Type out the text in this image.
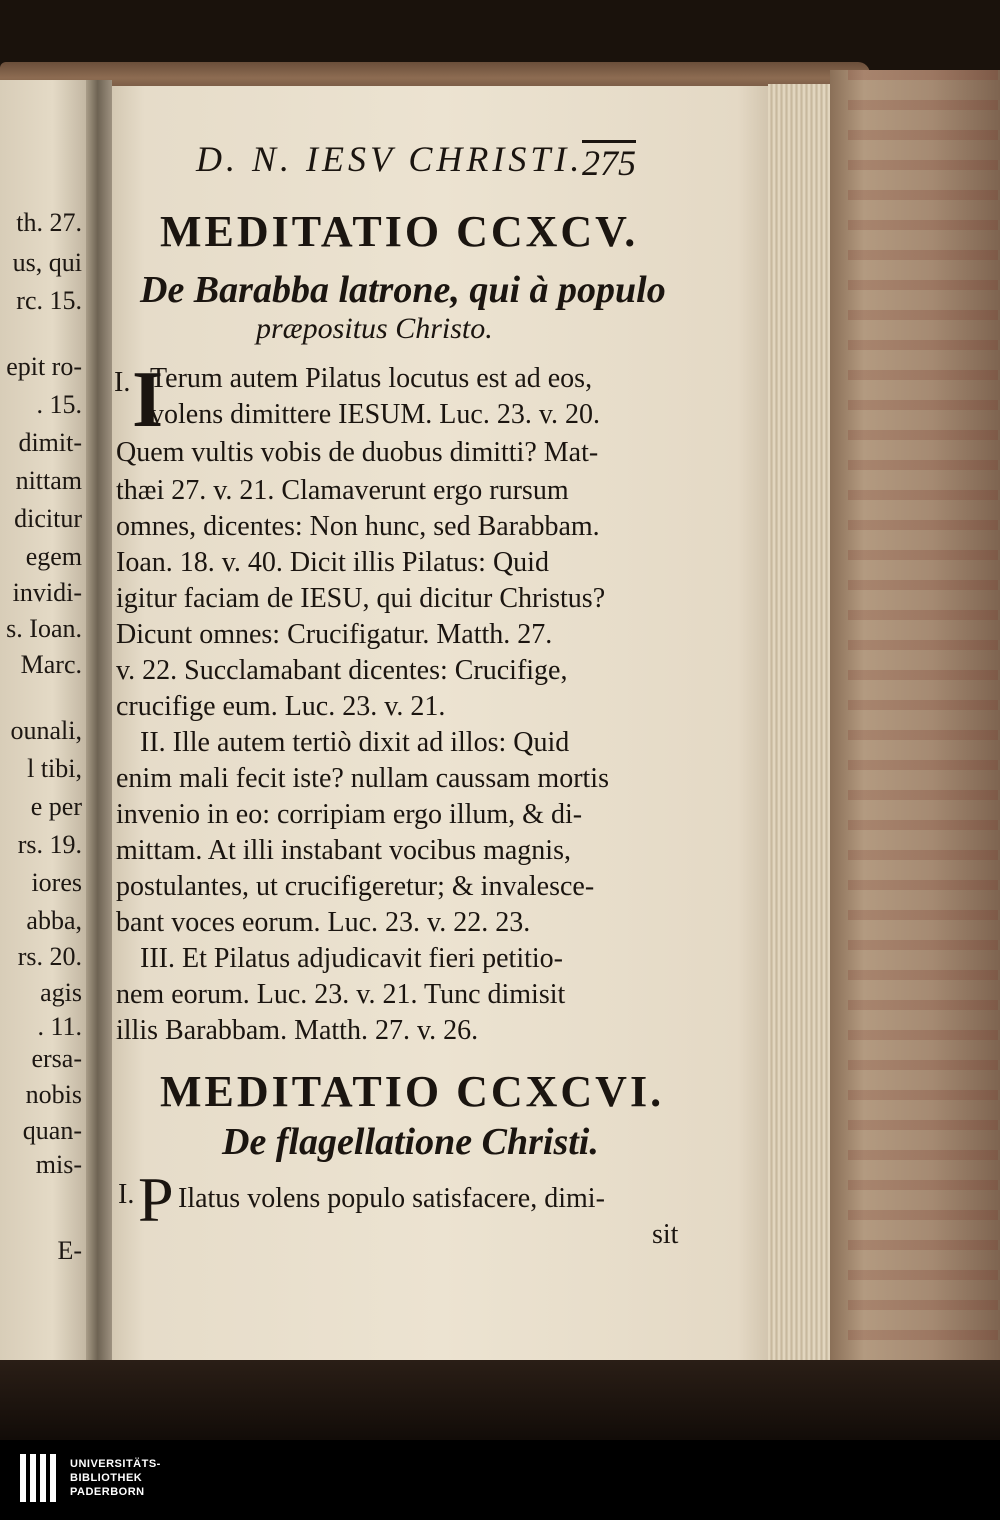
th. 27.
us, qui
rc. 15.
epit ro-
. 15.
dimit-
nittam
dicitur
egem
invidi-
s. Ioan.
Marc.
ounali,
l tibi,
e per
rs. 19.
iores
abba,
rs. 20.
agis
. 11.
ersa-
nobis
quan-
mis-
E-
D. N. IESV CHRISTI.
275
MEDITATIO CCXCV.
De Barabba latrone, qui à populo
præpositus Christo.
I. I
Terum autem Pilatus locutus est ad eos,
volens dimittere IESUM. Luc. 23. v. 20.
Quem vultis vobis de duobus dimitti? Mat-
thæi 27. v. 21. Clamaverunt ergo rursum
omnes, dicentes: Non hunc, sed Barabbam.
Ioan. 18. v. 40. Dicit illis Pilatus: Quid
igitur faciam de IESU, qui dicitur Christus?
Dicunt omnes: Crucifigatur. Matth. 27.
v. 22. Succlamabant dicentes: Crucifige,
crucifige eum. Luc. 23. v. 21.
II. Ille autem tertiò dixit ad illos: Quid
enim mali fecit iste? nullam caussam mortis
invenio in eo: corripiam ergo illum, & di-
mittam. At illi instabant vocibus magnis,
postulantes, ut crucifigeretur; & invalesce-
bant voces eorum. Luc. 23. v. 22. 23.
III. Et Pilatus adjudicavit fieri petitio-
nem eorum. Luc. 23. v. 21. Tunc dimisit
illis Barabbam. Matth. 27. v. 26.
MEDITATIO CCXCVI.
De flagellatione Christi.
I. P Ilatus volens populo satisfacere, dimi-
sit
UNIVERSITÄTS-
BIBLIOTHEK
PADERBORN
